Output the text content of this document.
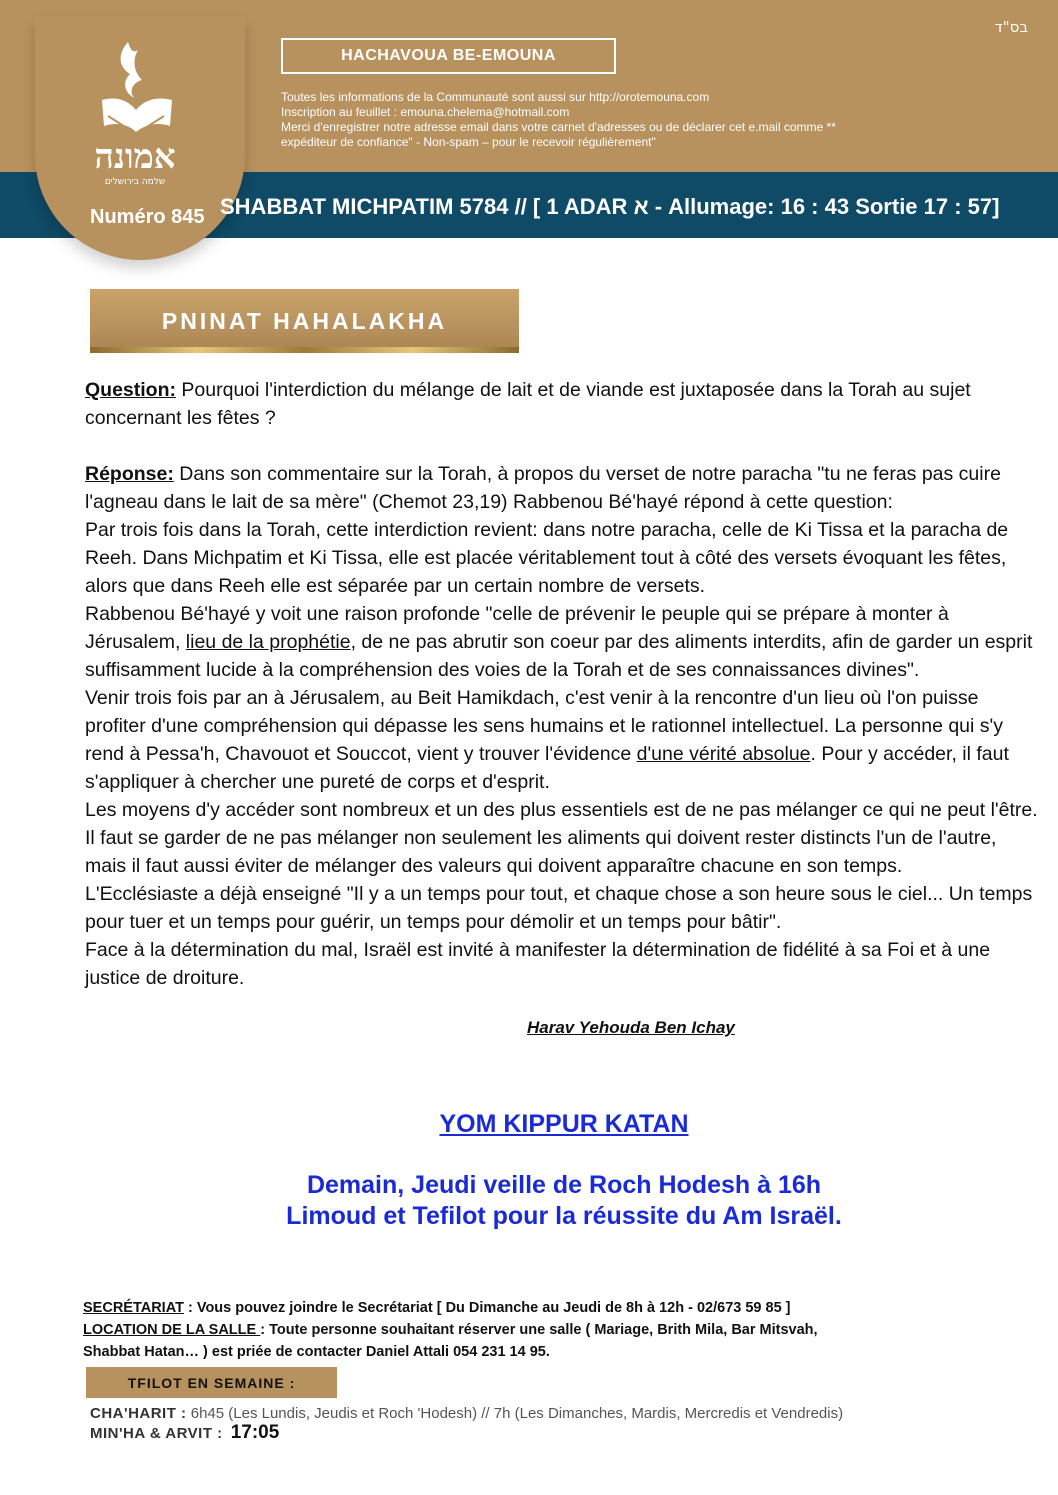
אמונה
שלמה בירושלים
בס"ד
HACHAVOUA BE-EMOUNA
Toutes les informations de la Communauté sont aussi sur http://orotemouna.com
Inscription au feuillet : emouna.chelema@hotmail.com
Merci d'enregistrer notre adresse email dans votre carnet d'adresses ou de déclarer cet e.mail comme **
expéditeur de confiance" - Non-spam – pour le recevoir régulièrement"
Numéro 845 SHABBAT MICHPATIM 5784 // [ 1 ADAR א - Allumage: 16 : 43 Sortie 17 : 57]
PNINAT HAHALAKHA

Question: Pourquoi l'interdiction du mélange de lait et de viande est juxtaposée dans la Torah au sujet concernant les fêtes ?

Réponse: Dans son commentaire sur la Torah, à propos du verset de notre paracha "tu ne feras pas cuire l'agneau dans le lait de sa mère" (Chemot 23,19) Rabbenou Bé'hayé répond à cette question:

Par trois fois dans la Torah, cette interdiction revient: dans notre paracha, celle de Ki Tissa et la paracha de Reeh. Dans Michpatim et Ki Tissa, elle est placée véritablement tout à côté des versets évoquant les fêtes, alors que dans Reeh elle est séparée par un certain nombre de versets.

Rabbenou Bé'hayé y voit une raison profonde "celle de prévenir le peuple qui se prépare à monter à Jérusalem, lieu de la prophétie, de ne pas abrutir son coeur par des aliments interdits, afin de garder un esprit suffisamment lucide à la compréhension des voies de la Torah et de ses connaissances divines".

Venir trois fois par an à Jérusalem, au Beit Hamikdach, c'est venir à la rencontre d'un lieu où l'on puisse profiter d'une compréhension qui dépasse les sens humains et le rationnel intellectuel. La personne qui s'y rend à Pessa'h, Chavouot et Souccot, vient y trouver l'évidence d'une vérité absolue. Pour y accéder, il faut s'appliquer à chercher une pureté de corps et d'esprit.

Les moyens d'y accéder sont nombreux et un des plus essentiels est de ne pas mélanger ce qui ne peut l'être. Il faut se garder de ne pas mélanger non seulement les aliments qui doivent rester distincts l'un de l'autre, mais il faut aussi éviter de mélanger des valeurs qui doivent apparaître chacune en son temps.

L'Ecclésiaste a déjà enseigné "Il y a un temps pour tout, et chaque chose a son heure sous le ciel... Un temps pour tuer et un temps pour guérir, un temps pour démolir et un temps pour bâtir".

Face à la détermination du mal, Israël est invité à manifester la détermination de fidélité à sa Foi et à une justice de droiture.

Harav Yehouda Ben Ichay
YOM KIPPUR KATAN
Demain, Jeudi veille de Roch Hodesh à 16h
Limoud et Tefilot pour la réussite du Am Israël.
SECRÉTARIAT : Vous pouvez joindre le Secrétariat [ Du Dimanche au Jeudi de 8h à 12h - 02/673 59 85 ]
LOCATION DE LA SALLE : Toute personne souhaitant réserver une salle ( Mariage, Brith Mila, Bar Mitsvah,
Shabbat Hatan… ) est priée de contacter Daniel Attali 054 231 14 95.
TFILOT EN SEMAINE :
CHA'HARIT : 6h45 (Les Lundis, Jeudis et Roch 'Hodesh) // 7h (Les Dimanches, Mardis, Mercredis et Vendredis)
MIN'HA & ARVIT : 17:05
